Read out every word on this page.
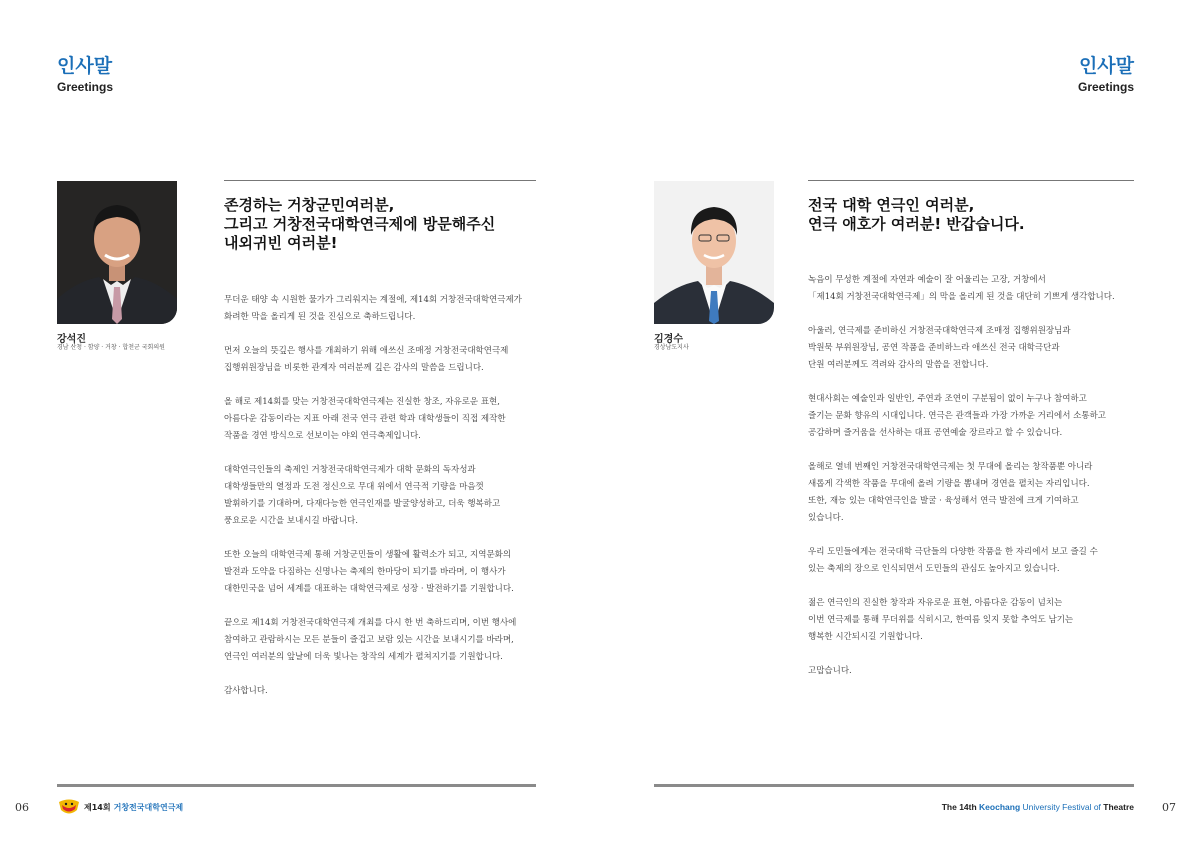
인사말
Greetings
강석진
경남 산청 · 함양 · 거창 · 합천군 국회의원
존경하는 거창군민여러분,
그리고 거창전국대학연극제에 방문해주신
내외귀빈 여러분!
무더운 태양 속 시원한 물가가 그리워지는 계절에, 제14회 거창전국대학연극제가
화려한 막을 올리게 된 것을 진심으로 축하드립니다.
먼저 오늘의 뜻깊은 행사를 개최하기 위해 애쓰신 조매정 거창전국대학연극제
집행위원장님을 비롯한 관계자 여러분께 깊은 감사의 말씀을 드립니다.
올 해로 제14회를 맞는 거창전국대학연극제는 진실한 창조, 자유로운 표현,
아름다운 감동이라는 지표 아래 전국 연극 관련 학과 대학생들이 직접 제작한
작품을 경연 방식으로 선보이는 야외 연극축제입니다.
대학연극인들의 축제인 거창전국대학연극제가 대학 문화의 독자성과
대학생들만의 열정과 도전 정신으로 무대 위에서 연극적 기량을 마음껏
발휘하기를 기대하며, 다재다능한 연극인재를 발굴양성하고, 더욱 행복하고
풍요로운 시간을 보내시길 바랍니다.
또한 오늘의 대학연극제 통해 거창군민들이 생활에 활력소가 되고, 지역문화의
발전과 도약을 다짐하는 신명나는 축제의 한마당이 되기를 바라며, 이 행사가
대한민국을 넘어 세계를 대표하는 대학연극제로 성장 · 발전하기를 기원합니다.
끝으로 제14회 거창전국대학연극제 개최를 다시 한 번 축하드리며, 이번 행사에
참여하고 관람하시는 모든 분들이 즐겁고 보람 있는 시간을 보내시기를 바라며,
연극인 여러분의 앞날에 더욱 빛나는 창작의 세계가 펼쳐지기를 기원합니다.
감사합니다.
06	제14회 거창전국대학연극제
인사말
Greetings
김경수
경상남도지사
전국 대학 연극인 여러분,
연극 애호가 여러분! 반갑습니다.
녹음이 무성한 계절에 자연과 예술이 잘 어울리는 고장, 거창에서
「제14회 거창전국대학연극제」의 막을 올리게 된 것을 대단히 기쁘게 생각합니다.
아울러, 연극제를 준비하신 거창전국대학연극제 조매정 집행위원장님과
박원묵 부위원장님, 공연 작품을 준비하느라 애쓰신 전국 대학극단과
단원 여러분께도 격려와 감사의 말씀을 전합니다.
현대사회는 예술인과 일반인, 주연과 조연이 구분됨이 없이 누구나 참여하고
즐기는 문화 향유의 시대입니다. 연극은 관객들과 가장 가까운 거리에서 소통하고
공감하며 즐거움을 선사하는 대표 공연예술 장르라고 할 수 있습니다.
올해로 열네 번째인 거창전국대학연극제는 첫 무대에 올리는 창작품뿐 아니라
새롭게 각색한 작품을 무대에 올려 기량을 뽐내며 경연을 펼치는 자리입니다.
또한, 재능 있는 대학연극인을 발굴 · 육성해서 연극 발전에 크게 기여하고
있습니다.
우리 도민들에게는 전국대학 극단들의 다양한 작품을 한 자리에서 보고 즐길 수
있는 축제의 장으로 인식되면서 도민들의 관심도 높아지고 있습니다.
젊은 연극인의 진실한 창작과 자유로운 표현, 아름다운 감동이 넘치는
이번 연극제를 통해 무더위를 식히시고, 한여름 잊지 못할 추억도 남기는
행복한 시간되시길 기원합니다.
고맙습니다.
The 14th Keochang University Festival of Theatre	07
